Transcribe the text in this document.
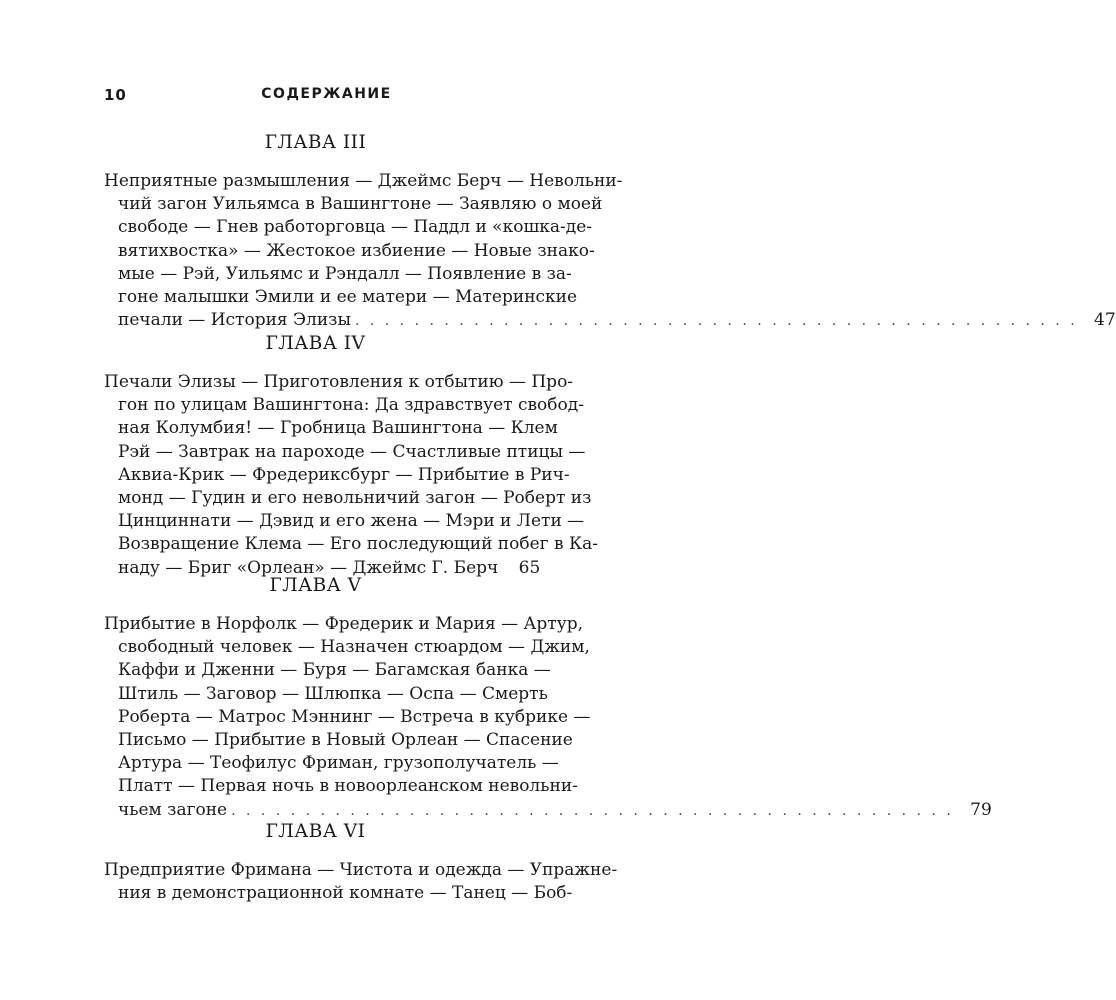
10	СОДЕРЖАНИЕ
ГЛАВА III
Неприятные размышления — Джеймс Берч — Невольни-
чий загон Уильямса в Вашингтоне — Заявляю о моей
свободе — Гнев работорговца — Паддл и «кошка-де-
вятихвостка» — Жестокое избиение — Новые знако-
мые — Рэй, Уильямс и Рэндалл — Появление в за-
гоне малышки Эмили и ее матери — Материнские
печали — История Элизы . . . . . . . . . . . . . . . . . . . . . . . . . . . . . . . . . . . . . . . . . . . . . . . . . 47
ГЛАВА IV
Печали Элизы — Приготовления к отбытию — Про-
гон по улицам Вашингтона: Да здравствует свобод-
ная Колумбия! — Гробница Вашингтона — Клем
Рэй — Завтрак на пароходе — Счастливые птицы —
Аквиа-Крик — Фредериксбург — Прибытие в Рич-
монд — Гудин и его невольничий загон — Роберт из
Цинциннати — Дэвид и его жена — Мэри и Лети —
Возвращение Клема — Его последующий побег в Ка-
наду — Бриг «Орлеан» — Джеймс Г. Берч	65
ГЛАВА V
Прибытие в Норфолк — Фредерик и Мария — Артур,
свободный человек — Назначен стюардом — Джим,
Каффи и Дженни — Буря — Багамская банка —
Штиль — Заговор — Шлюпка — Оспа — Смерть
Роберта — Матрос Мэннинг — Встреча в кубрике —
Письмо — Прибытие в Новый Орлеан — Спасение
Артура — Теофилус Фриман, грузополучатель —
Платт — Первая ночь в новоорлеанском невольни-
чьем загоне . . . . . . . . . . . . . . . . . . . . . . . . . . . . . . . . . . . . . . . . . . . . . . . . . 79
ГЛАВА VI
Предприятие Фримана — Чистота и одежда — Упражне-
ния в демонстрационной комнате — Танец — Боб-
